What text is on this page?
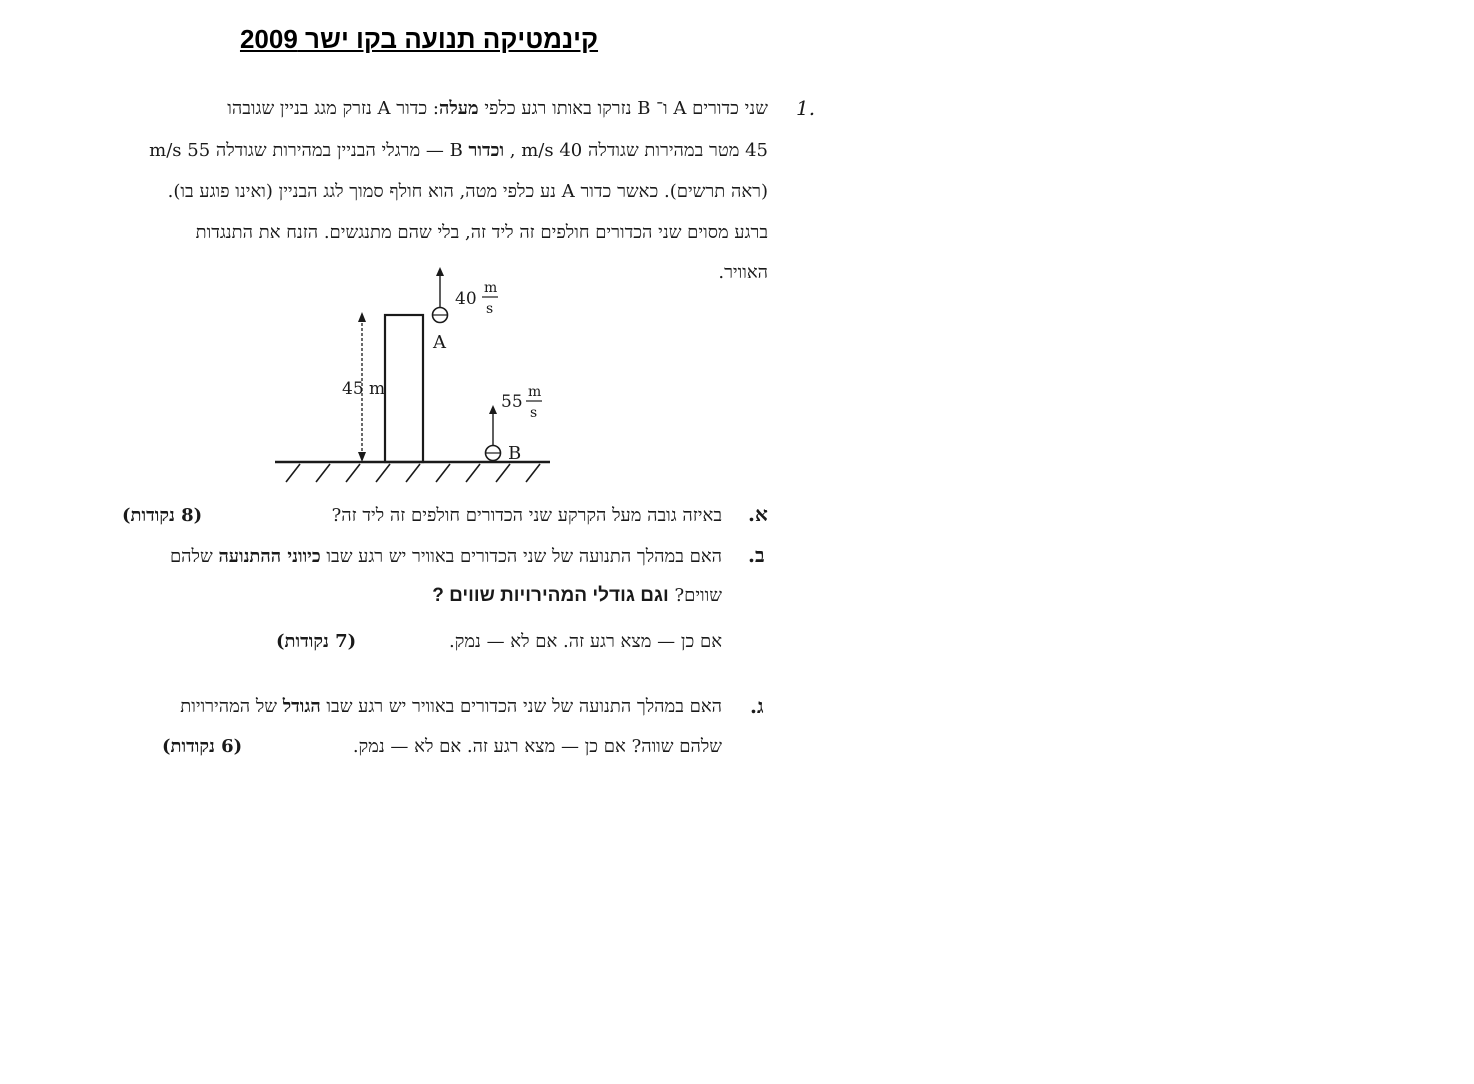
קינמטיקה תנועה בקו ישר 2009
1.
שני כדורים A ו־ B נזרקו באותו רגע כלפי מעלה: כדור A נזרק מגג בניין שגובהו
45 מטר במהירות שגודלה 40 m/s , וכדור B — מרגלי הבניין במהירות שגודלה 55 m/s
(ראה תרשים). כאשר כדור A נע כלפי מטה, הוא חולף סמוך לגג הבניין (ואינו פוגע בו).
ברגע מסוים שני הכדורים חולפים זה ליד זה, בלי שהם מתנגשים. הזנח את התנגדות
האוויר.
45 m
A
40
m
s
B
55 m
s
א.
באיזה גובה מעל הקרקע שני הכדורים חולפים זה ליד זה?
(8 נקודות)
ב.
האם במהלך התנועה של שני הכדורים באוויר יש רגע שבו כיווני ההתנועה שלהם
שווים? וגם גודלי המהירויות שווים ?
אם כן — מצא רגע זה. אם לא — נמק.
(7 נקודות)
ג.
האם במהלך התנועה של שני הכדורים באוויר יש רגע שבו הגודל של המהירויות
שלהם שווה? אם כן — מצא רגע זה. אם לא — נמק.
(6 נקודות)
